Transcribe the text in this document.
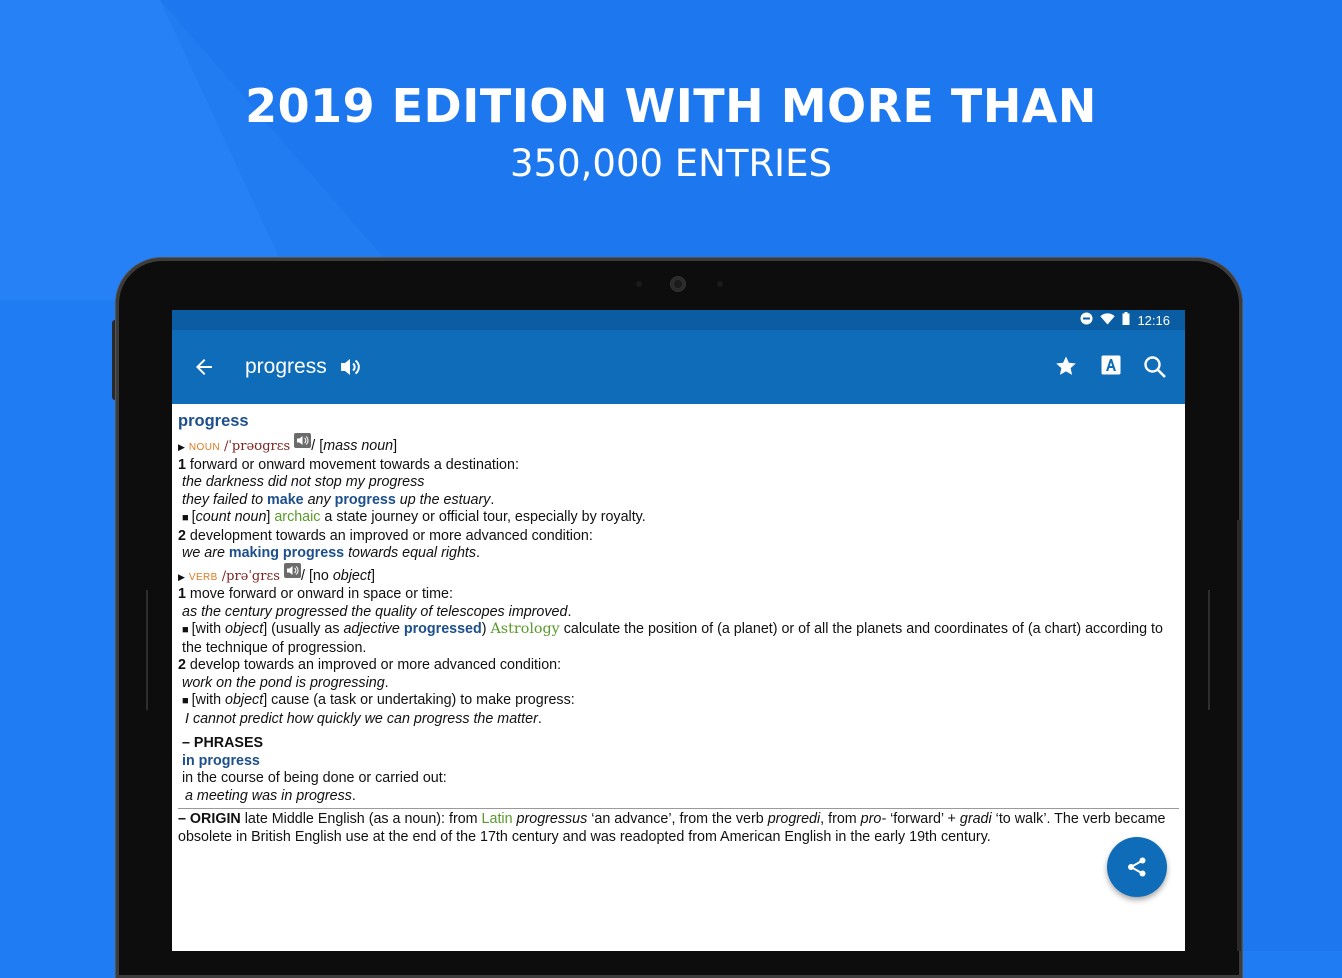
2019 EDITION WITH MORE THAN
350,000 ENTRIES
12:16
progress
progress
▶ NOUN /ˈprəʊgrɛs
/ [mass noun]
1 forward or onward movement towards a destination:
the darkness did not stop my progress
they failed to make any progress up the estuary.
■ [count noun] archaic a state journey or official tour, especially by royalty.
2 development towards an improved or more advanced condition:
we are making progress towards equal rights.
▶ VERB /prəˈgrɛs
/ [no object]
1 move forward or onward in space or time:
as the century progressed the quality of telescopes improved.
■ [with object] (usually as adjective progressed) Astrology calculate the position of (a planet) or of all the planets and coordinates of (a chart) according to the technique of progression.
2 develop towards an improved or more advanced condition:
work on the pond is progressing.
■ [with object] cause (a task or undertaking) to make progress:
I cannot predict how quickly we can progress the matter.
– PHRASES
in progress
in the course of being done or carried out:
a meeting was in progress.
– ORIGIN late Middle English (as a noun): from Latin progressus ‘an advance’, from the verb progredi, from pro- ‘forward’ + gradi ‘to walk’. The verb became obsolete in British English use at the end of the 17th century and was readopted from American English in the early 19th century.
